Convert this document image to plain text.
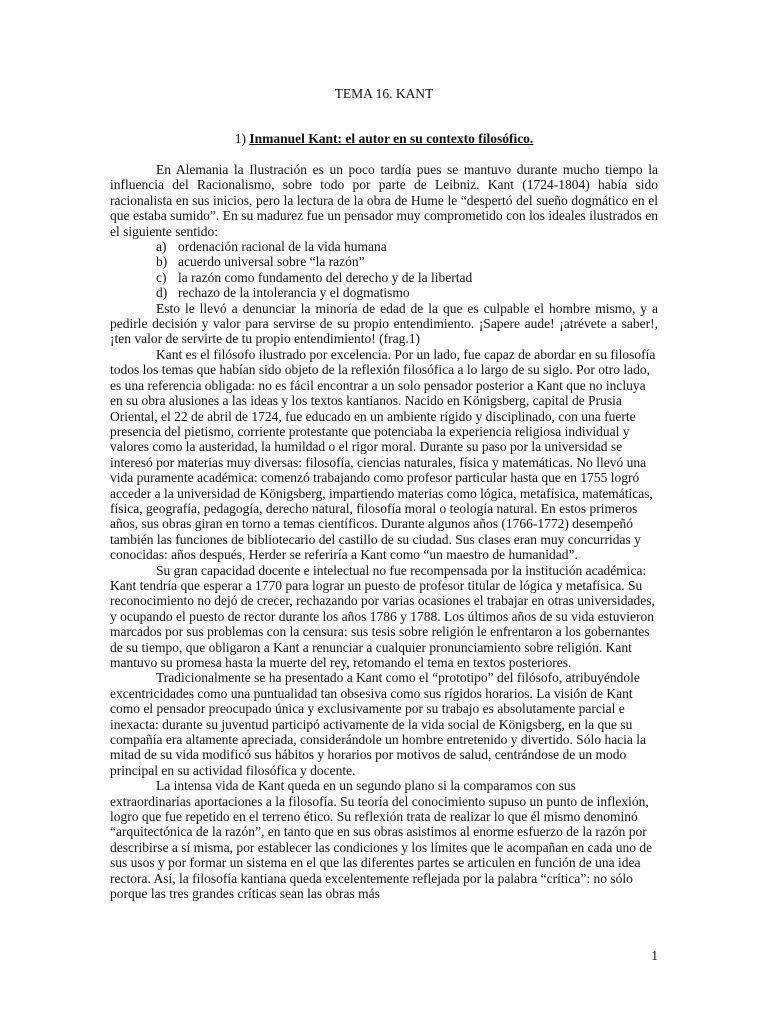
TEMA 16. KANT
1) Inmanuel Kant: el autor en su contexto filosófico.

En Alemania la Ilustración es un poco tardía pues se mantuvo durante mucho tiempo la influencia del Racionalismo, sobre todo por parte de Leibniz. Kant (1724-1804) había sido racionalista en sus inicios, pero la lectura de la obra de Hume le “despertó del sueño dogmático en el que estaba sumido”. En su madurez fue un pensador muy comprometido con los ideales ilustrados en el siguiente sentido:

a) ordenación racional de la vida humana
b) acuerdo universal sobre “la razón”
c) la razón como fundamento del derecho y de la libertad
d) rechazo de la intolerancia y el dogmatismo

Esto le llevó a denunciar la minoría de edad de la que es culpable el hombre mismo, y a pedirle decisión y valor para servirse de su propio entendimiento. ¡Sapere aude! ¡atrévete a saber!, ¡ten valor de servirte de tu propio entendimiento! (frag.1)

Kant es el filósofo ilustrado por excelencia. Por un lado, fue capaz de abordar en su filosofía todos los temas que habían sido objeto de la reflexión filosófica a lo largo de su siglo. Por otro lado, es una referencia obligada: no es fácil encontrar a un solo pensador posterior a Kant que no incluya en su obra alusiones a las ideas y los textos kantianos. Nacido en Königsberg, capital de Prusia Oriental, el 22 de abril de 1724, fue educado en un ambiente rígido y disciplinado, con una fuerte presencia del pietismo, corriente protestante que potenciaba la experiencia religiosa individual y valores como la austeridad, la humildad o el rigor moral. Durante su paso por la universidad se interesó por materias muy diversas: filosofía, ciencias naturales, física y matemáticas. No llevó una vida puramente académica: comenzó trabajando como profesor particular hasta que en 1755 logró acceder a la universidad de Königsberg, impartiendo materias como lógica, metafísica, matemáticas, física, geografía, pedagogía, derecho natural, filosofía moral o teología natural. En estos primeros años, sus obras giran en torno a temas científicos. Durante algunos años (1766-1772) desempeñó también las funciones de bibliotecario del castillo de su ciudad. Sus clases eran muy concurridas y conocidas: años después, Herder se referiría a Kant como “un maestro de humanidad”.

Su gran capacidad docente e intelectual no fue recompensada por la institución académica: Kant tendría que esperar a 1770 para lograr un puesto de profesor titular de lógica y metafísica. Su reconocimiento no dejó de crecer, rechazando por varias ocasiones el trabajar en otras universidades, y ocupando el puesto de rector durante los años 1786 y 1788. Los últimos años de su vida estuvieron marcados por sus problemas con la censura: sus tesis sobre religión le enfrentaron a los gobernantes de su tiempo, que obligaron a Kant a renunciar a cualquier pronunciamiento sobre religión. Kant mantuvo su promesa hasta la muerte del rey, retomando el tema en textos posteriores.

Tradicionalmente se ha presentado a Kant como el “prototipo” del filósofo, atribuyéndole excentricidades como una puntualidad tan obsesiva como sus rígidos horarios. La visión de Kant como el pensador preocupado única y exclusivamente por su trabajo es absolutamente parcial e inexacta: durante su juventud participó activamente de la vida social de Königsberg, en la que su compañía era altamente apreciada, considerándole un hombre entretenido y divertido. Sólo hacia la mitad de su vida modificó sus hábitos y horarios por motivos de salud, centrándose de un modo principal en su actividad filosófica y docente.

La intensa vida de Kant queda en un segundo plano si la comparamos con sus extraordinarias aportaciones a la filosofía. Su teoría del conocimiento supuso un punto de inflexión, logro que fue repetido en el terreno ético. Su reflexión trata de realizar lo que él mismo denominó “arquitectónica de la razón”, en tanto que en sus obras asistimos al enorme esfuerzo de la razón por describirse a sí misma, por establecer las condiciones y los límites que le acompañan en cada uno de sus usos y por formar un sistema en el que las diferentes partes se articulen en función de una idea rectora. Así, la filosofía kantiana queda excelentemente reflejada por la palabra “crítica”: no sólo porque las tres grandes críticas sean las obras más

1
